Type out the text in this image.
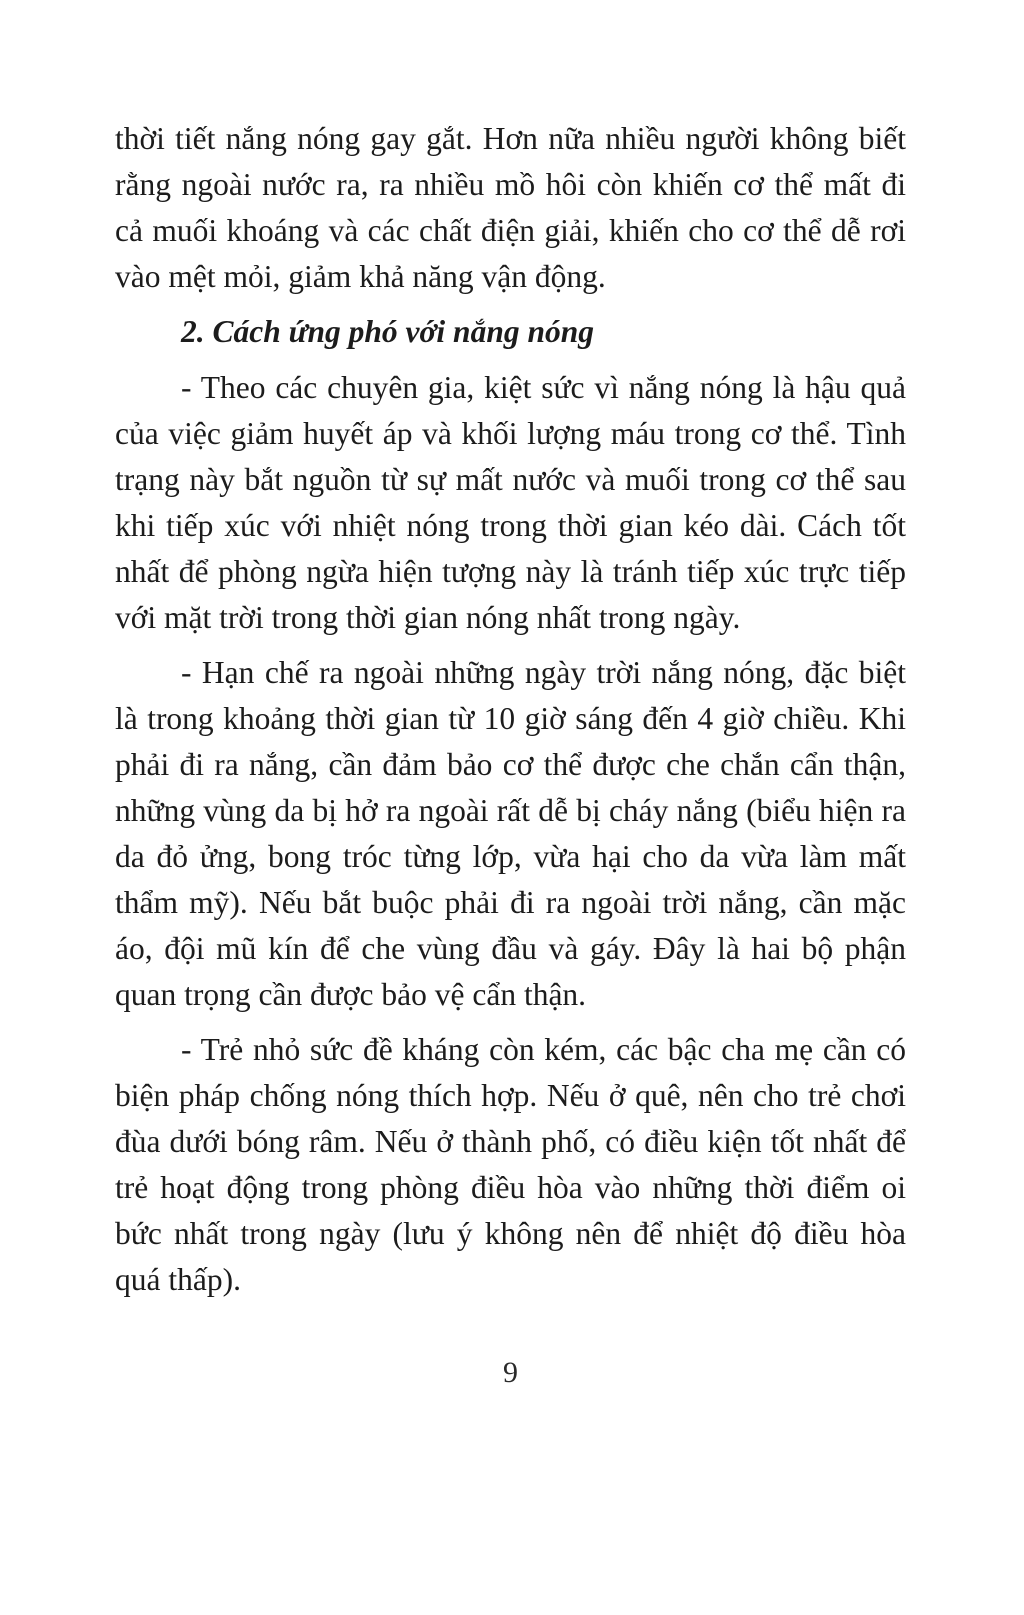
thời tiết nắng nóng gay gắt. Hơn nữa nhiều người không biết rằng ngoài nước ra, ra nhiều mồ hôi còn khiến cơ thể mất đi cả muối khoáng và các chất điện giải, khiến cho cơ thể dễ rơi vào mệt mỏi, giảm khả năng vận động.

2. Cách ứng phó với nắng nóng

- Theo các chuyên gia, kiệt sức vì nắng nóng là hậu quả của việc giảm huyết áp và khối lượng máu trong cơ thể. Tình trạng này bắt nguồn từ sự mất nước và muối trong cơ thể sau khi tiếp xúc với nhiệt nóng trong thời gian kéo dài. Cách tốt nhất để phòng ngừa hiện tượng này là tránh tiếp xúc trực tiếp với mặt trời trong thời gian nóng nhất trong ngày.

- Hạn chế ra ngoài những ngày trời nắng nóng, đặc biệt là trong khoảng thời gian từ 10 giờ sáng đến 4 giờ chiều. Khi phải đi ra nắng, cần đảm bảo cơ thể được che chắn cẩn thận, những vùng da bị hở ra ngoài rất dễ bị cháy nắng (biểu hiện ra da đỏ ửng, bong tróc từng lớp, vừa hại cho da vừa làm mất thẩm mỹ). Nếu bắt buộc phải đi ra ngoài trời nắng, cần mặc áo, đội mũ kín để che vùng đầu và gáy. Đây là hai bộ phận quan trọng cần được bảo vệ cẩn thận.

- Trẻ nhỏ sức đề kháng còn kém, các bậc cha mẹ cần có biện pháp chống nóng thích hợp. Nếu ở quê, nên cho trẻ chơi đùa dưới bóng râm. Nếu ở thành phố, có điều kiện tốt nhất để trẻ hoạt động trong phòng điều hòa vào những thời điểm oi bức nhất trong ngày (lưu ý không nên để nhiệt độ điều hòa quá thấp).

9
